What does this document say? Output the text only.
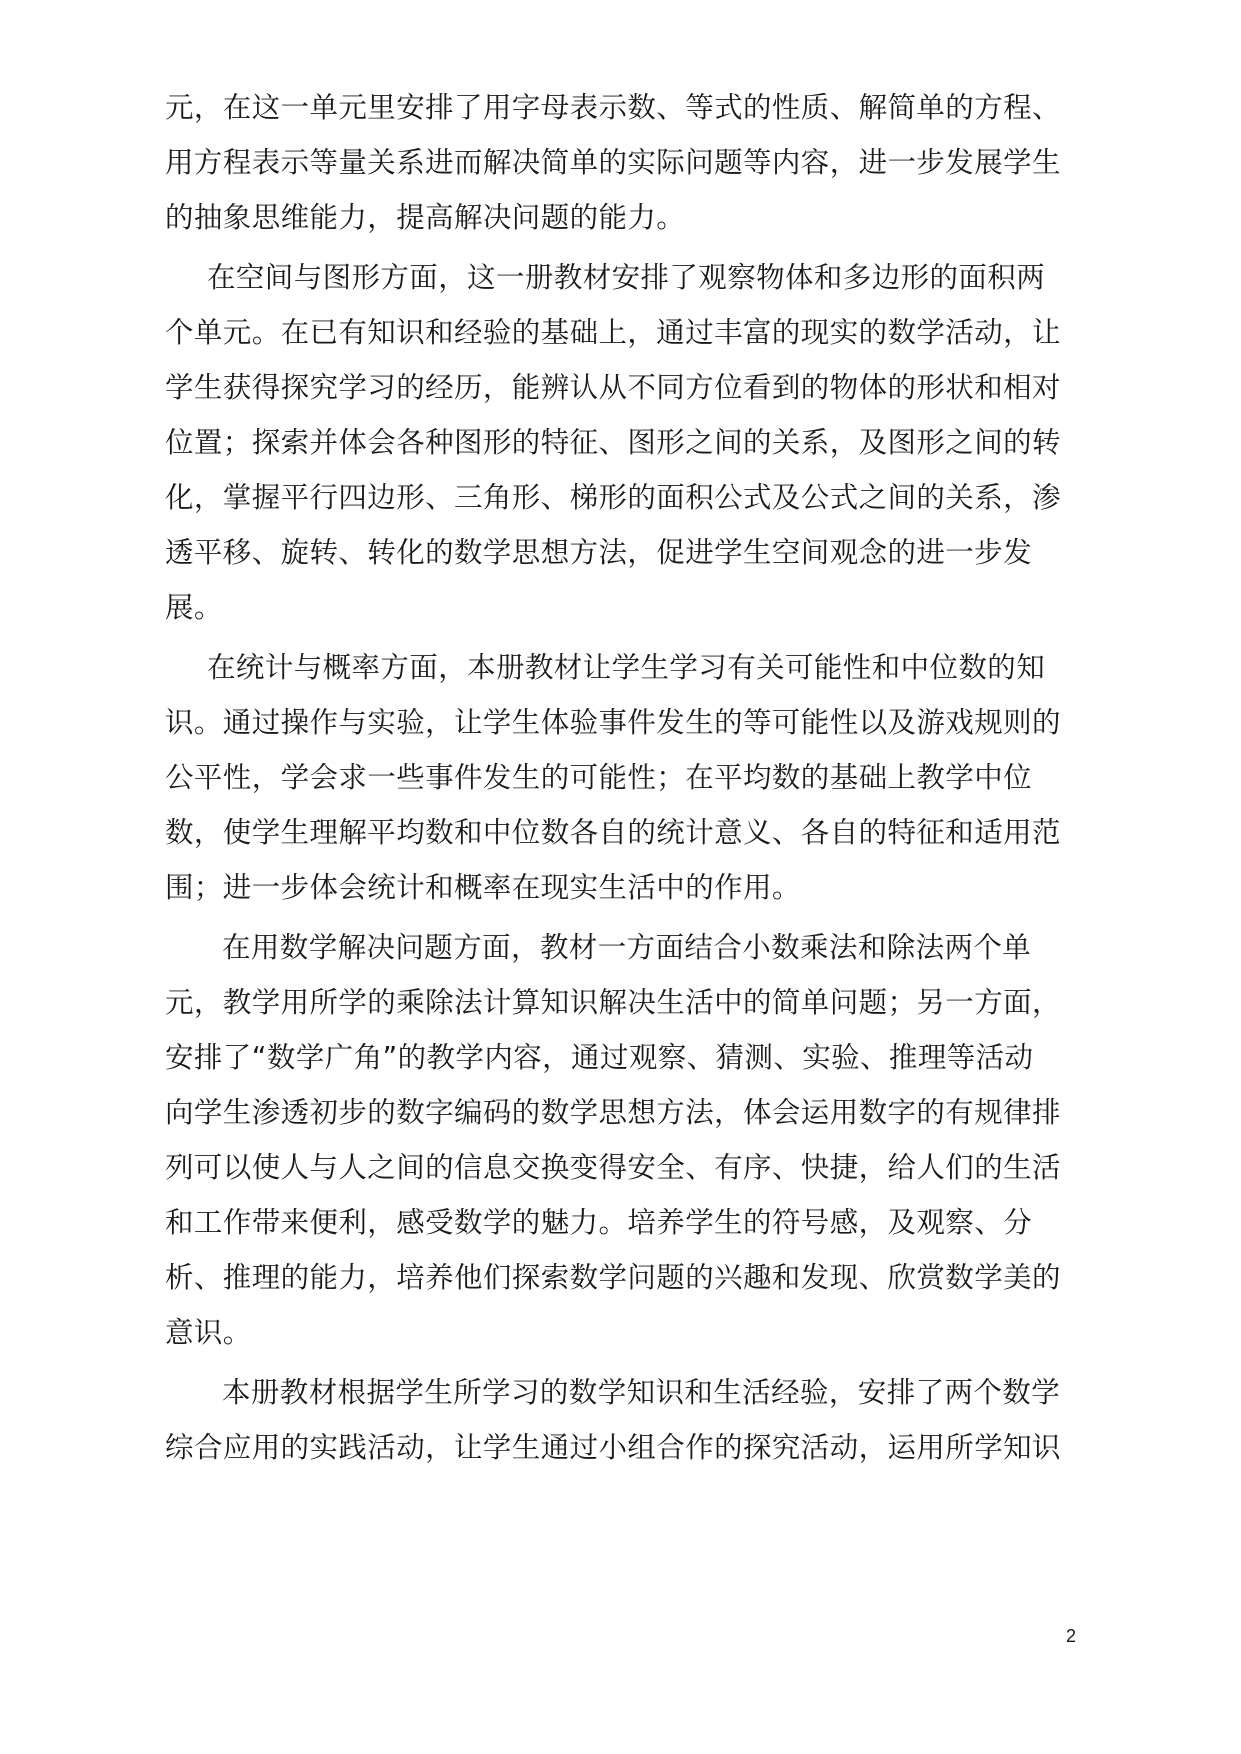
元，在这一单元里安排了用字母表示数、等式的性质、解简单的方程、
用方程表示等量关系进而解决简单的实际问题等内容，进一步发展学生
的抽象思维能力，提高解决问题的能力。
在空间与图形方面，这一册教材安排了观察物体和多边形的面积两
个单元。在已有知识和经验的基础上，通过丰富的现实的数学活动，让
学生获得探究学习的经历，能辨认从不同方位看到的物体的形状和相对
位置；探索并体会各种图形的特征、图形之间的关系，及图形之间的转
化，掌握平行四边形、三角形、梯形的面积公式及公式之间的关系，渗
透平移、旋转、转化的数学思想方法，促进学生空间观念的进一步发
展。
在统计与概率方面，本册教材让学生学习有关可能性和中位数的知
识。通过操作与实验，让学生体验事件发生的等可能性以及游戏规则的
公平性，学会求一些事件发生的可能性；在平均数的基础上教学中位
数，使学生理解平均数和中位数各自的统计意义、各自的特征和适用范
围；进一步体会统计和概率在现实生活中的作用。
在用数学解决问题方面，教材一方面结合小数乘法和除法两个单
元，教学用所学的乘除法计算知识解决生活中的简单问题；另一方面，
安排了“数学广角”的教学内容，通过观察、猜测、实验、推理等活动
向学生渗透初步的数字编码的数学思想方法，体会运用数字的有规律排
列可以使人与人之间的信息交换变得安全、有序、快捷，给人们的生活
和工作带来便利，感受数学的魅力。培养学生的符号感，及观察、分
析、推理的能力，培养他们探索数学问题的兴趣和发现、欣赏数学美的
意识。
本册教材根据学生所学习的数学知识和生活经验，安排了两个数学
综合应用的实践活动，让学生通过小组合作的探究活动，运用所学知识
2
